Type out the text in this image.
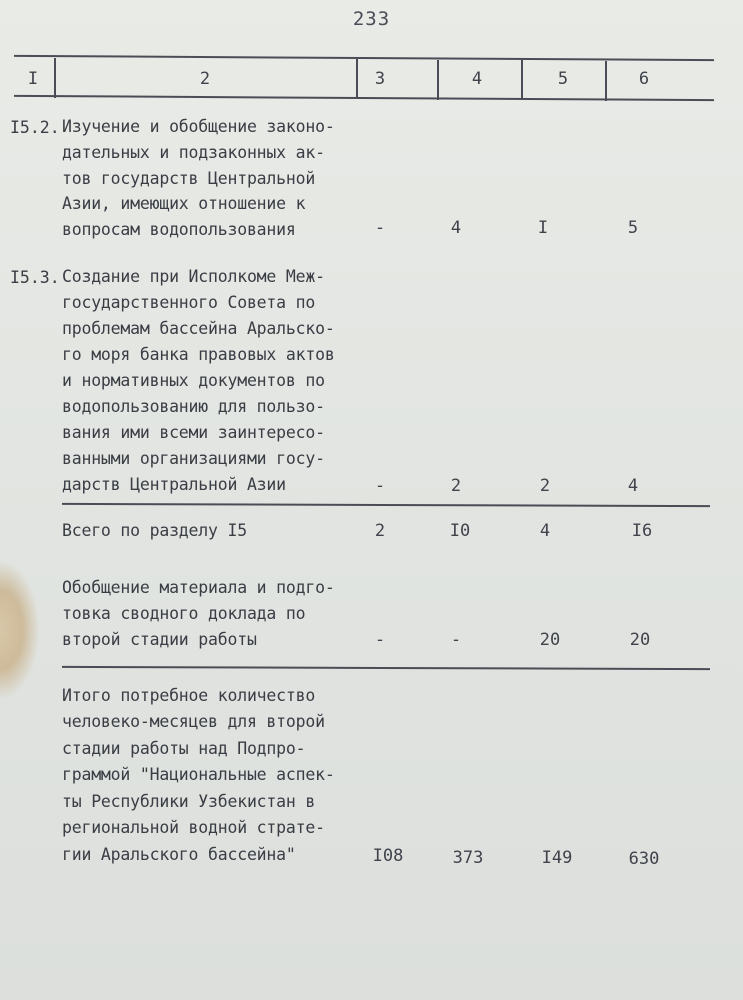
233
I	2	3	4	5	6
I5.2. Изучение и обобщение законо-
дательных и подзаконных ак-
тов государств Центральной
Азии, имеющих отношение к
вопросам водопользования	-	4	I	5
I5.3. Создание при Исполкоме Меж-
государственного Совета по
проблемам бассейна Аральско-
го моря банка правовых актов
и нормативных документов по
водопользованию для пользо-
вания ими всеми заинтересо-
ванными организациями госу-
дарств Центральной Азии	-	2	2	4
Всего по разделу I5	2	I0	4	I6
Обобщение материала и подго-
товка сводного доклада по
второй стадии работы	-	-	20	20
Итого потребное количество
человеко-месяцев для второй
стадии работы над Подпро-
граммой "Национальные аспек-
ты Республики Узбекистан в
региональной водной страте-
гии Аральского бассейна"	I08	373	I49	630
